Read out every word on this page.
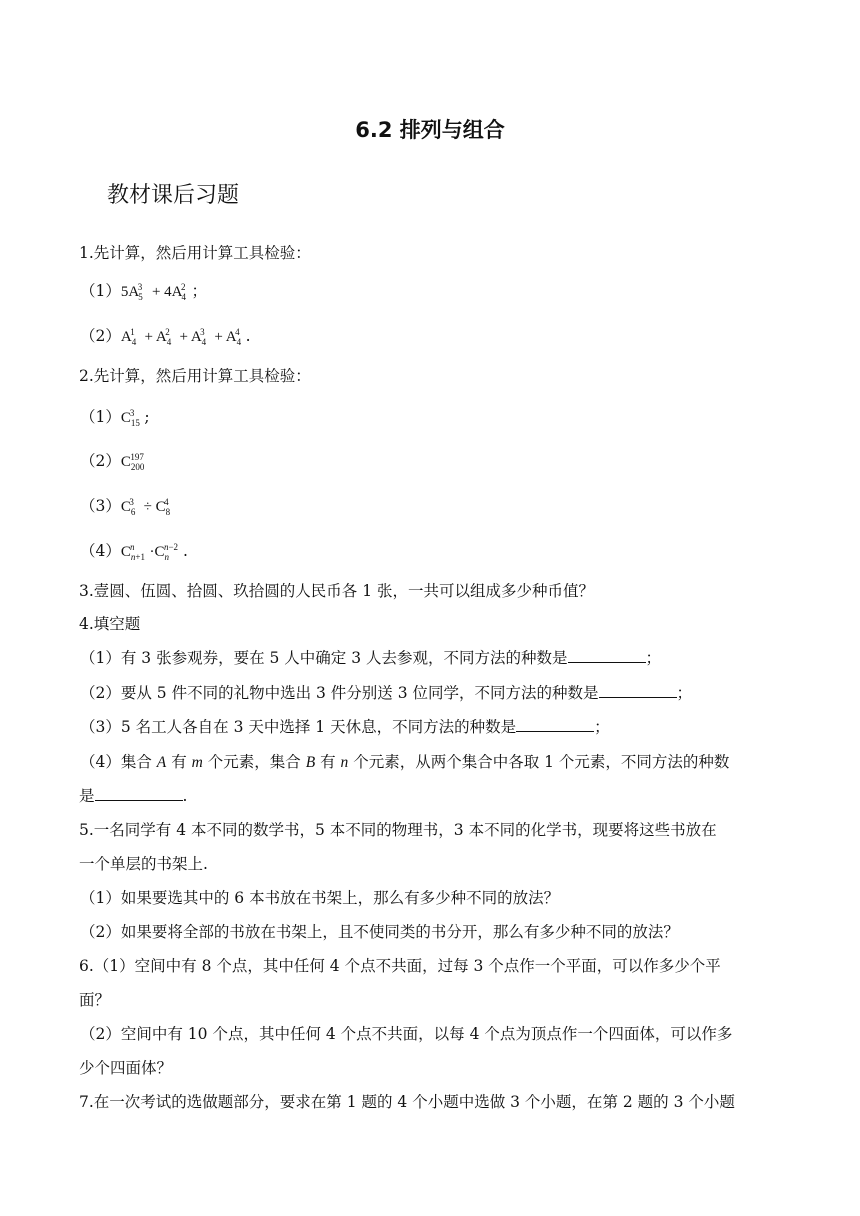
6.2 排列与组合
教材课后习题
1.先计算，然后用计算工具检验：
$(1)5A_5^3 + 4A_4^2$ ；
$(2)A_4^1 + A_4^2 + A_4^3 + A_4^4$ .
2.先计算，然后用计算工具检验：
$(1)C_{15}^3$ ;
$(2)C_{200}^{197}$
$(3)C_6^3 \div C_8^4$
$(4)C_{n+1}^n \cdot C_n^{n-2}$ .
3.壹圆、伍圆、拾圆、玖拾圆的人民币各 1 张，一共可以组成多少种币值？
4.填空题
（1）有 3 张参观券，要在 5 人中确定 3 人去参观，不同方法的种数是	；
（2）要从 5 件不同的礼物中选出 3 件分别送 3 位同学，不同方法的种数是	；
（3）5 名工人各自在 3 天中选择 1 天休息，不同方法的种数是	；
（4）集合 A 有 m 个元素，集合 B 有 n 个元素，从两个集合中各取 1 个元素，不同方法的种数
是	.
5.一名同学有 4 本不同的数学书，5 本不同的物理书，3 本不同的化学书，现要将这些书放在
一个单层的书架上.
（1）如果要选其中的 6 本书放在书架上，那么有多少种不同的放法？
（2）如果要将全部的书放在书架上，且不使同类的书分开，那么有多少种不同的放法？
6.（1）空间中有 8 个点，其中任何 4 个点不共面，过每 3 个点作一个平面，可以作多少个平
面？
（2）空间中有 10 个点，其中任何 4 个点不共面，以每 4 个点为顶点作一个四面体，可以作多
少个四面体？
7.在一次考试的选做题部分，要求在第 1 题的 4 个小题中选做 3 个小题，在第 2 题的 3 个小题
